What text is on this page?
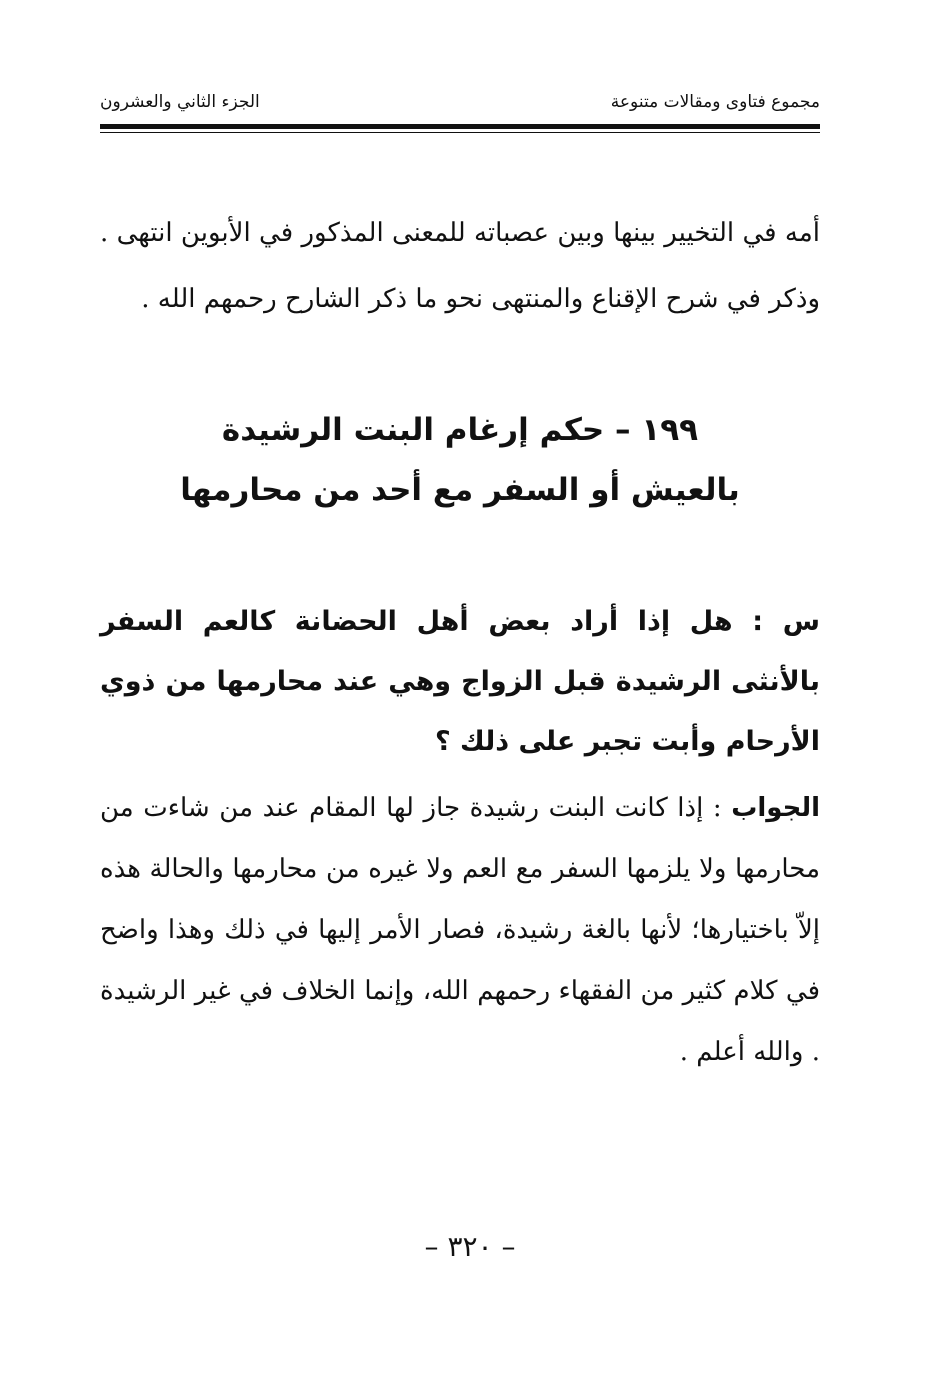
مجموع فتاوى ومقالات متنوعة
الجزء الثاني والعشرون

أمه في التخيير بينها وبين عصباته للمعنى المذكور في الأبوين انتهى . وذكر في شرح الإقناع والمنتهى نحو ما ذكر الشارح رحمهم الله .

١٩٩ – حكم إرغام البنت الرشيدة
بالعيش أو السفر مع أحد من محارمها

س : هل إذا أراد بعض أهل الحضانة كالعم السفر بالأنثى الرشيدة قبل الزواج وهي عند محارمها من ذوي الأرحام وأبت تجبر على ذلك ؟

الجواب : إذا كانت البنت رشيدة جاز لها المقام عند من شاءت من محارمها ولا يلزمها السفر مع العم ولا غيره من محارمها والحالة هذه إلاّ باختيارها؛ لأنها بالغة رشيدة، فصار الأمر إليها في ذلك وهذا واضح في كلام كثير من الفقهاء رحمهم الله، وإنما الخلاف في غير الرشيدة . والله أعلم .

– ٣٢٠ –
